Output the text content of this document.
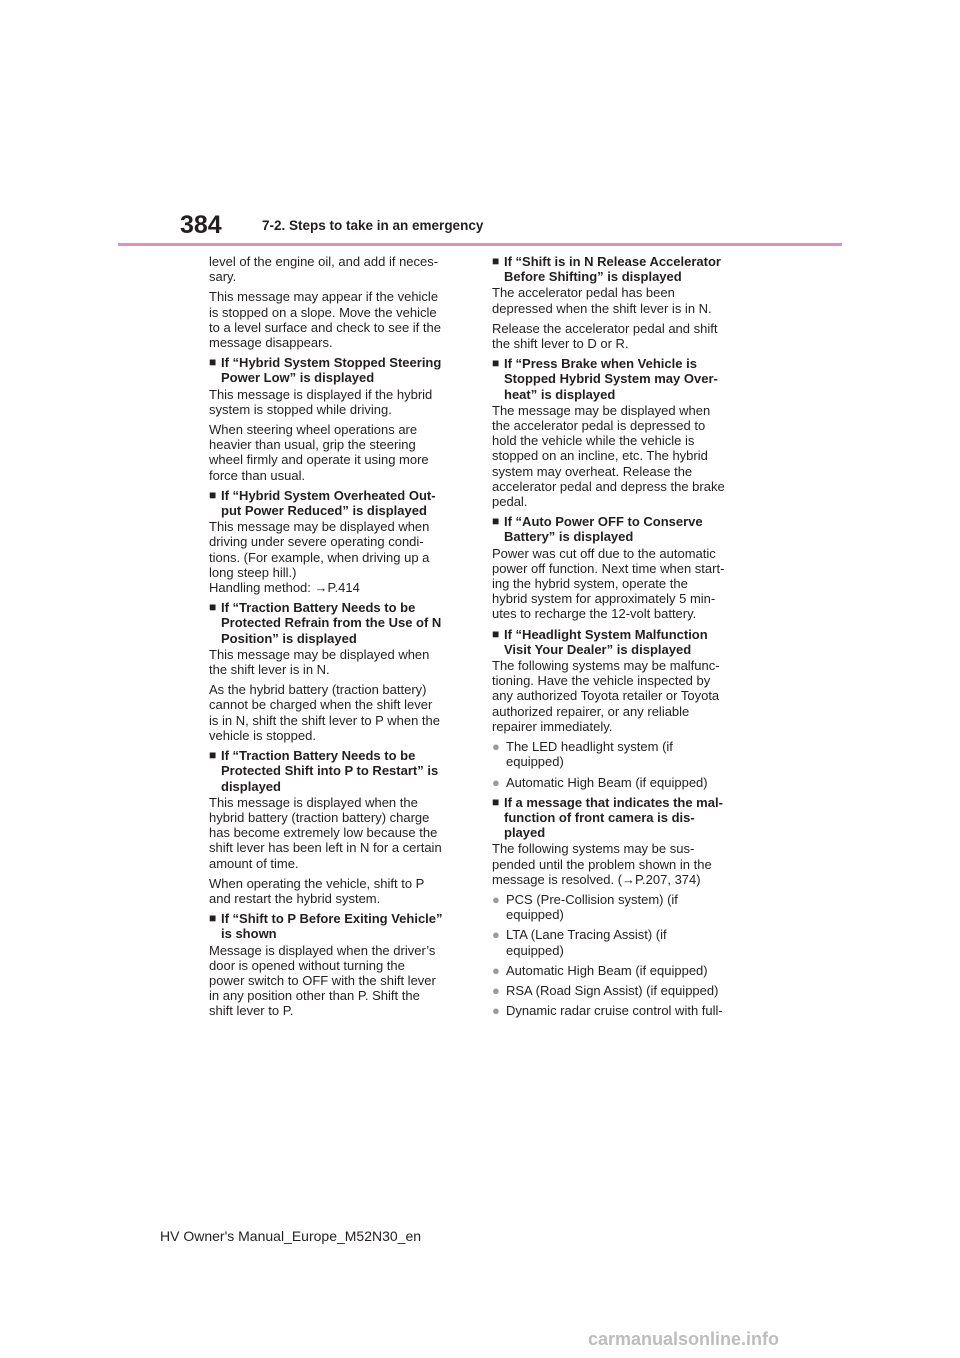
384	7-2. Steps to take in an emergency

level of the engine oil, and add if neces-
sary.

This message may appear if the vehicle
is stopped on a slope. Move the vehicle
to a level surface and check to see if the
message disappears.

■ If “Hybrid System Stopped Steering
Power Low” is displayed

This message is displayed if the hybrid
system is stopped while driving.

When steering wheel operations are
heavier than usual, grip the steering
wheel firmly and operate it using more
force than usual.

■ If “Hybrid System Overheated Out-
put Power Reduced” is displayed

This message may be displayed when
driving under severe operating condi-
tions. (For example, when driving up a
long steep hill.)
Handling method: →P.414

■ If “Traction Battery Needs to be
Protected Refrain from the Use of N
Position” is displayed

This message may be displayed when
the shift lever is in N.

As the hybrid battery (traction battery)
cannot be charged when the shift lever
is in N, shift the shift lever to P when the
vehicle is stopped.

■ If “Traction Battery Needs to be
Protected Shift into P to Restart” is
displayed

This message is displayed when the
hybrid battery (traction battery) charge
has become extremely low because the
shift lever has been left in N for a certain
amount of time.

When operating the vehicle, shift to P
and restart the hybrid system.

■ If “Shift to P Before Exiting Vehicle”
is shown

Message is displayed when the driver’s
door is opened without turning the
power switch to OFF with the shift lever
in any position other than P. Shift the
shift lever to P.

■ If “Shift is in N Release Accelerator
Before Shifting” is displayed

The accelerator pedal has been
depressed when the shift lever is in N.

Release the accelerator pedal and shift
the shift lever to D or R.

■ If “Press Brake when Vehicle is
Stopped Hybrid System may Over-
heat” is displayed

The message may be displayed when
the accelerator pedal is depressed to
hold the vehicle while the vehicle is
stopped on an incline, etc. The hybrid
system may overheat. Release the
accelerator pedal and depress the brake
pedal.

■ If “Auto Power OFF to Conserve
Battery” is displayed

Power was cut off due to the automatic
power off function. Next time when start-
ing the hybrid system, operate the
hybrid system for approximately 5 min-
utes to recharge the 12-volt battery.

■ If “Headlight System Malfunction
Visit Your Dealer” is displayed

The following systems may be malfunc-
tioning. Have the vehicle inspected by
any authorized Toyota retailer or Toyota
authorized repairer, or any reliable
repairer immediately.

● The LED headlight system (if
equipped)
● Automatic High Beam (if equipped)
■ If a message that indicates the mal-
function of front camera is dis-
played

The following systems may be sus-
pended until the problem shown in the
message is resolved. (→P.207, 374)

● PCS (Pre-Collision system) (if
equipped)
● LTA (Lane Tracing Assist) (if
equipped)
● Automatic High Beam (if equipped)
● RSA (Road Sign Assist) (if equipped)
● Dynamic radar cruise control with full-
HV Owner's Manual_Europe_M52N30_en
carmanualsonline.info
